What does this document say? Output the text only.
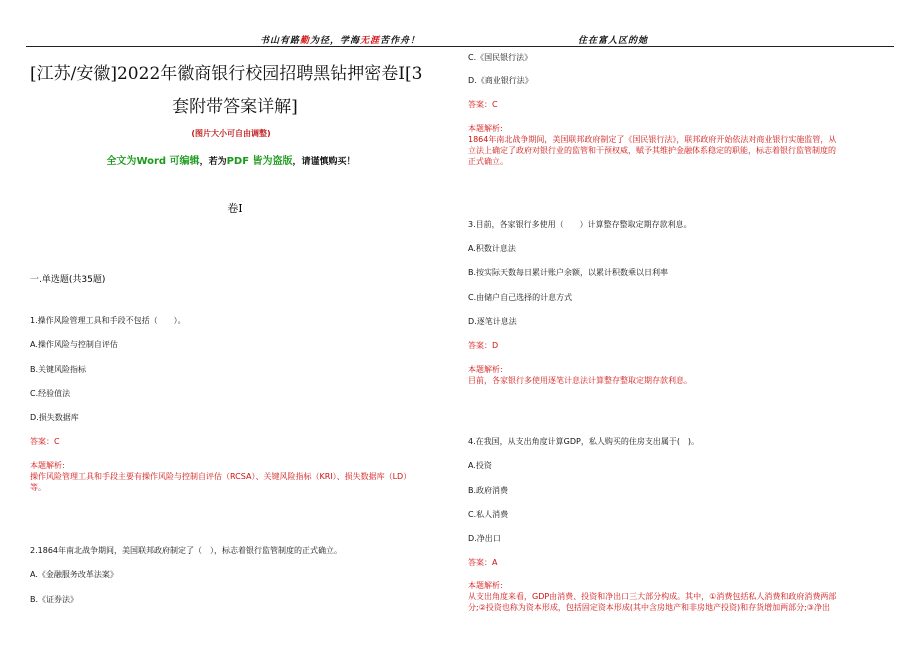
书山有路勤为径，学海无涯苦作舟！	住在富人区的她
[江苏/安徽]2022年徽商银行校园招聘黑钻押密卷I[3
套附带答案详解]
(图片大小可自由调整)
全文为Word 可编辑，若为PDF 皆为盗版，请谨慎购买！
卷Ⅰ
一.单选题(共35题)
1.操作风险管理工具和手段不包括（　　）。
A.操作风险与控制自评估
B.关键风险指标
C.经验值法
D.损失数据库
答案：C
本题解析:
操作风险管理工具和手段主要有操作风险与控制自评估（RCSA）、关键风险指标（KRI）、损失数据库（LD）
等。
2.1864年南北战争期间，美国联邦政府制定了（　），标志着银行监管制度的正式确立。
A.《金融服务改革法案》
B.《证券法》
C.《国民银行法》
D.《商业银行法》
答案：C
本题解析:
1864年南北战争期间，美国联邦政府制定了《国民银行法》，联邦政府开始依法对商业银行实施监管，从
立法上确定了政府对银行业的监管和干预权威，赋予其维护金融体系稳定的职能，标志着银行监管制度的
正式确立。
3.目前，各家银行多使用（　　）计算整存整取定期存款利息。
A.积数计息法
B.按实际天数每日累计账户余额，以累计积数乘以日利率
C.由储户自己选择的计息方式
D.逐笔计息法
答案：D
本题解析:
目前，各家银行多使用逐笔计息法计算整存整取定期存款利息。
4.在我国，从支出角度计算GDP，私人购买的住房支出属于(　)。
A.投资
B.政府消费
C.私人消费
D.净出口
答案：A
本题解析:
从支出角度来看，GDP由消费、投资和净出口三大部分构成。其中，①消费包括私人消费和政府消费两部
分;②投资也称为资本形成，包括固定资本形成(其中含房地产和非房地产投资)和存货增加两部分;③净出
